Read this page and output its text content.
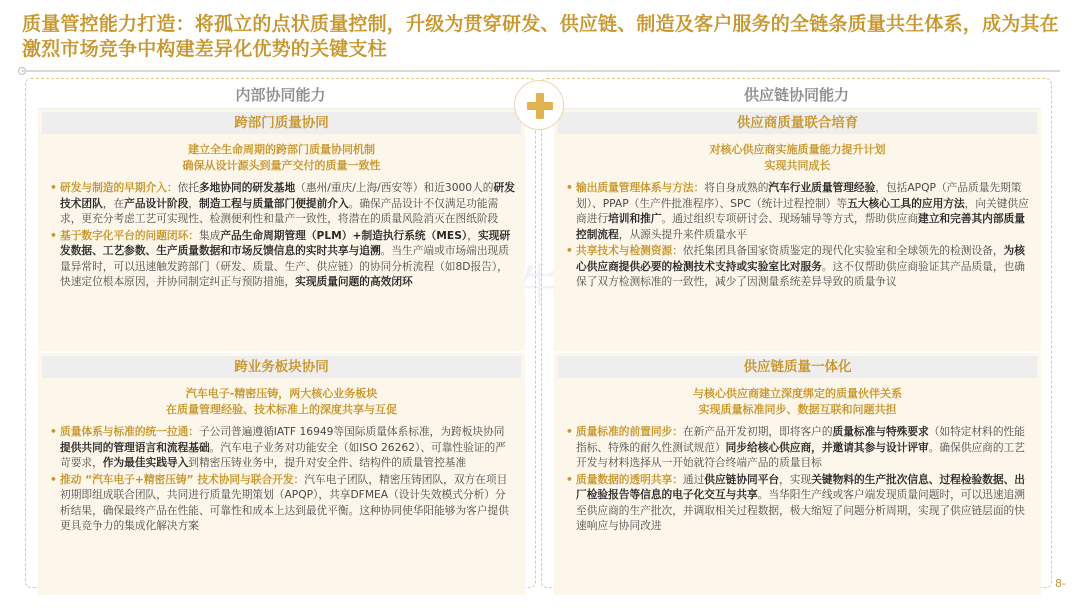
质量管控能力打造：将孤立的点状质量控制，升级为贯穿研发、供应链、制造及客户服务的全链条质量共生体系，成为其在激烈市场竞争中构建差异化优势的关键支柱
内部协同能力
跨部门质量协同
建立全生命周期的跨部门质量协同机制
确保从设计源头到量产交付的质量一致性
• 研发与制造的早期介入：依托多地协同的研发基地（惠州/重庆/上海/西安等）和近3000人的研发技术团队，在产品设计阶段，制造工程与质量部门便提前介入。确保产品设计不仅满足功能需求，更充分考虑工艺可实现性、检测便利性和量产一致性，将潜在的质量风险消灭在图纸阶段
• 基于数字化平台的问题闭环：集成产品生命周期管理（PLM）+制造执行系统（MES），实现研发数据、工艺参数、生产质量数据和市场反馈信息的实时共享与追溯。当生产端或市场端出现质量异常时，可以迅速触发跨部门（研发、质量、生产、供应链）的协同分析流程（如8D报告），快速定位根本原因，并协同制定纠正与预防措施，实现质量问题的高效闭环
跨业务板块协同
汽车电子-精密压铸，两大核心业务板块
在质量管理经验、技术标准上的深度共享与互促
• 质量体系与标准的统一拉通：子公司普遍遵循IATF 16949等国际质量体系标准，为跨板块协同提供共同的管理语言和流程基础。汽车电子业务对功能安全（如ISO 26262）、可靠性验证的严苛要求，作为最佳实践导入到精密压铸业务中，提升对安全件、结构件的质量管控基准
• 推动 “汽车电子+精密压铸” 技术协同与联合开发：汽车电子团队，精密压铸团队，双方在项目初期即组成联合团队，共同进行质量先期策划（APQP），共享DFMEA（设计失效模式分析）分析结果，确保最终产品在性能、可靠性和成本上达到最优平衡。这种协同使华阳能够为客户提供更具竞争力的集成化解决方案
供应链协同能力
供应商质量联合培育
对核心供应商实施质量能力提升计划
实现共同成长
• 输出质量管理体系与方法：将自身成熟的汽车行业质量管理经验，包括APQP（产品质量先期策划）、PPAP（生产件批准程序）、SPC（统计过程控制）等五大核心工具的应用方法，向关键供应商进行培训和推广。通过组织专项研讨会、现场辅导等方式，帮助供应商建立和完善其内部质量控制流程，从源头提升来件质量水平
• 共享技术与检测资源：依托集团具备国家资质鉴定的现代化实验室和全球领先的检测设备，为核心供应商提供必要的检测技术支持或实验室比对服务。这不仅帮助供应商验证其产品质量，也确保了双方检测标准的一致性，减少了因测量系统差异导致的质量争议
供应链质量一体化
与核心供应商建立深度绑定的质量伙伴关系
实现质量标准同步、数据互联和问题共担
• 质量标准的前置同步：在新产品开发初期，即将客户的质量标准与特殊要求（如特定材料的性能指标、特殊的耐久性测试规范）同步给核心供应商，并邀请其参与设计评审。确保供应商的工艺开发与材料选择从一开始就符合终端产品的质量目标
• 质量数据的透明共享：通过供应链协同平台，实现关键物料的生产批次信息、过程检验数据、出厂检验报告等信息的电子化交互与共享。当华阳生产线或客户端发现质量问题时，可以迅速追溯至供应商的生产批次，并调取相关过程数据，极大缩短了问题分析周期，实现了供应链层面的快速响应与协同改进
8-
